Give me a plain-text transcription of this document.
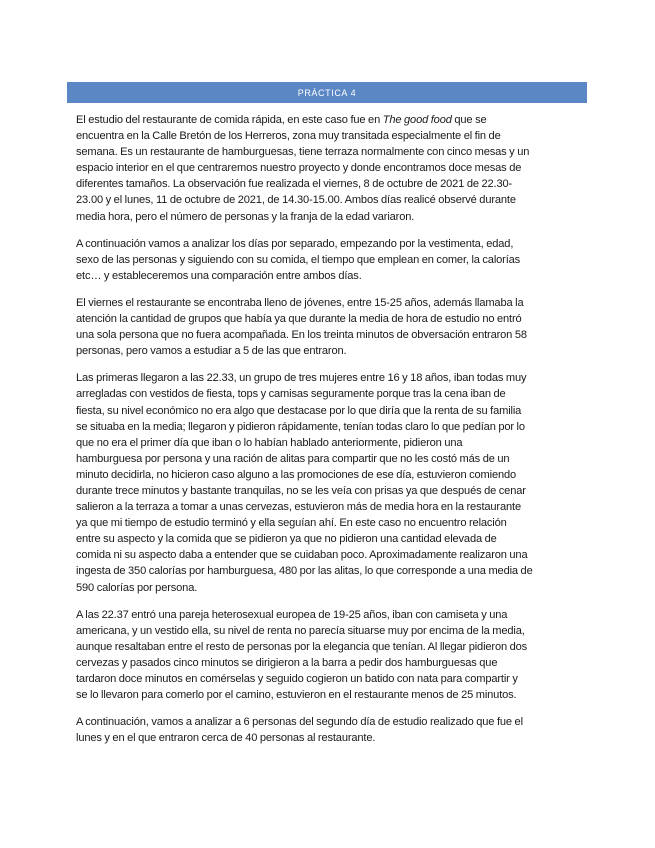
PRÁCTICA 4

El estudio del restaurante de comida rápida, en este caso fue en The good food que se
encuentra en la Calle Bretón de los Herreros, zona muy transitada especialmente el fin de
semana. Es un restaurante de hamburguesas, tiene terraza normalmente con cinco mesas y un
espacio interior en el que centraremos nuestro proyecto y donde encontramos doce mesas de
diferentes tamaños. La observación fue realizada el viernes, 8 de octubre de 2021 de 22.30-
23.00 y el lunes, 11 de octubre de 2021, de 14.30-15.00. Ambos días realicé observé durante
media hora, pero el número de personas y la franja de la edad variaron.

A continuación vamos a analizar los días por separado, empezando por la vestimenta, edad,
sexo de las personas y siguiendo con su comida, el tiempo que emplean en comer, la calorías
etc… y estableceremos una comparación entre ambos días.

El viernes el restaurante se encontraba lleno de jóvenes, entre 15-25 años, además llamaba la
atención la cantidad de grupos que había ya que durante la media de hora de estudio no entró
una sola persona que no fuera acompañada. En los treinta minutos de obversación entraron 58
personas, pero vamos a estudiar a 5 de las que entraron.

Las primeras llegaron a las 22.33, un grupo de tres mujeres entre 16 y 18 años, iban todas muy
arregladas con vestidos de fiesta, tops y camisas seguramente porque tras la cena iban de
fiesta, su nivel económico no era algo que destacase por lo que diría que la renta de su familia
se situaba en la media; llegaron y pidieron rápidamente, tenían todas claro lo que pedían por lo
que no era el primer día que iban o lo habían hablado anteriormente, pidieron una
hamburguesa por persona y una ración de alitas para compartir que no les costó más de un
minuto decidirla, no hicieron caso alguno a las promociones de ese día, estuvieron comiendo
durante trece minutos y bastante tranquilas, no se les veía con prisas ya que después de cenar
salieron a la terraza a tomar a unas cervezas, estuvieron más de media hora en la restaurante
ya que mi tiempo de estudio terminó y ella seguían ahí. En este caso no encuentro relación
entre su aspecto y la comida que se pidieron ya que no pidieron una cantidad elevada de
comida ni su aspecto daba a entender que se cuidaban poco. Aproximadamente realizaron una
ingesta de 350 calorías por hamburguesa, 480 por las alitas, lo que corresponde a una media de
590 calorías por persona.

A las 22.37 entró una pareja heterosexual europea de 19-25 años, iban con camiseta y una
americana, y un vestido ella, su nivel de renta no parecía situarse muy por encima de la media,
aunque resaltaban entre el resto de personas por la elegancia que tenían. Al llegar pidieron dos
cervezas y pasados cinco minutos se dirigieron a la barra a pedir dos hamburguesas que
tardaron doce minutos en comérselas y seguido cogieron un batido con nata para compartir y
se lo llevaron para comerlo por el camino, estuvieron en el restaurante menos de 25 minutos.

A continuación, vamos a analizar a 6 personas del segundo día de estudio realizado que fue el
lunes y en el que entraron cerca de 40 personas al restaurante.
